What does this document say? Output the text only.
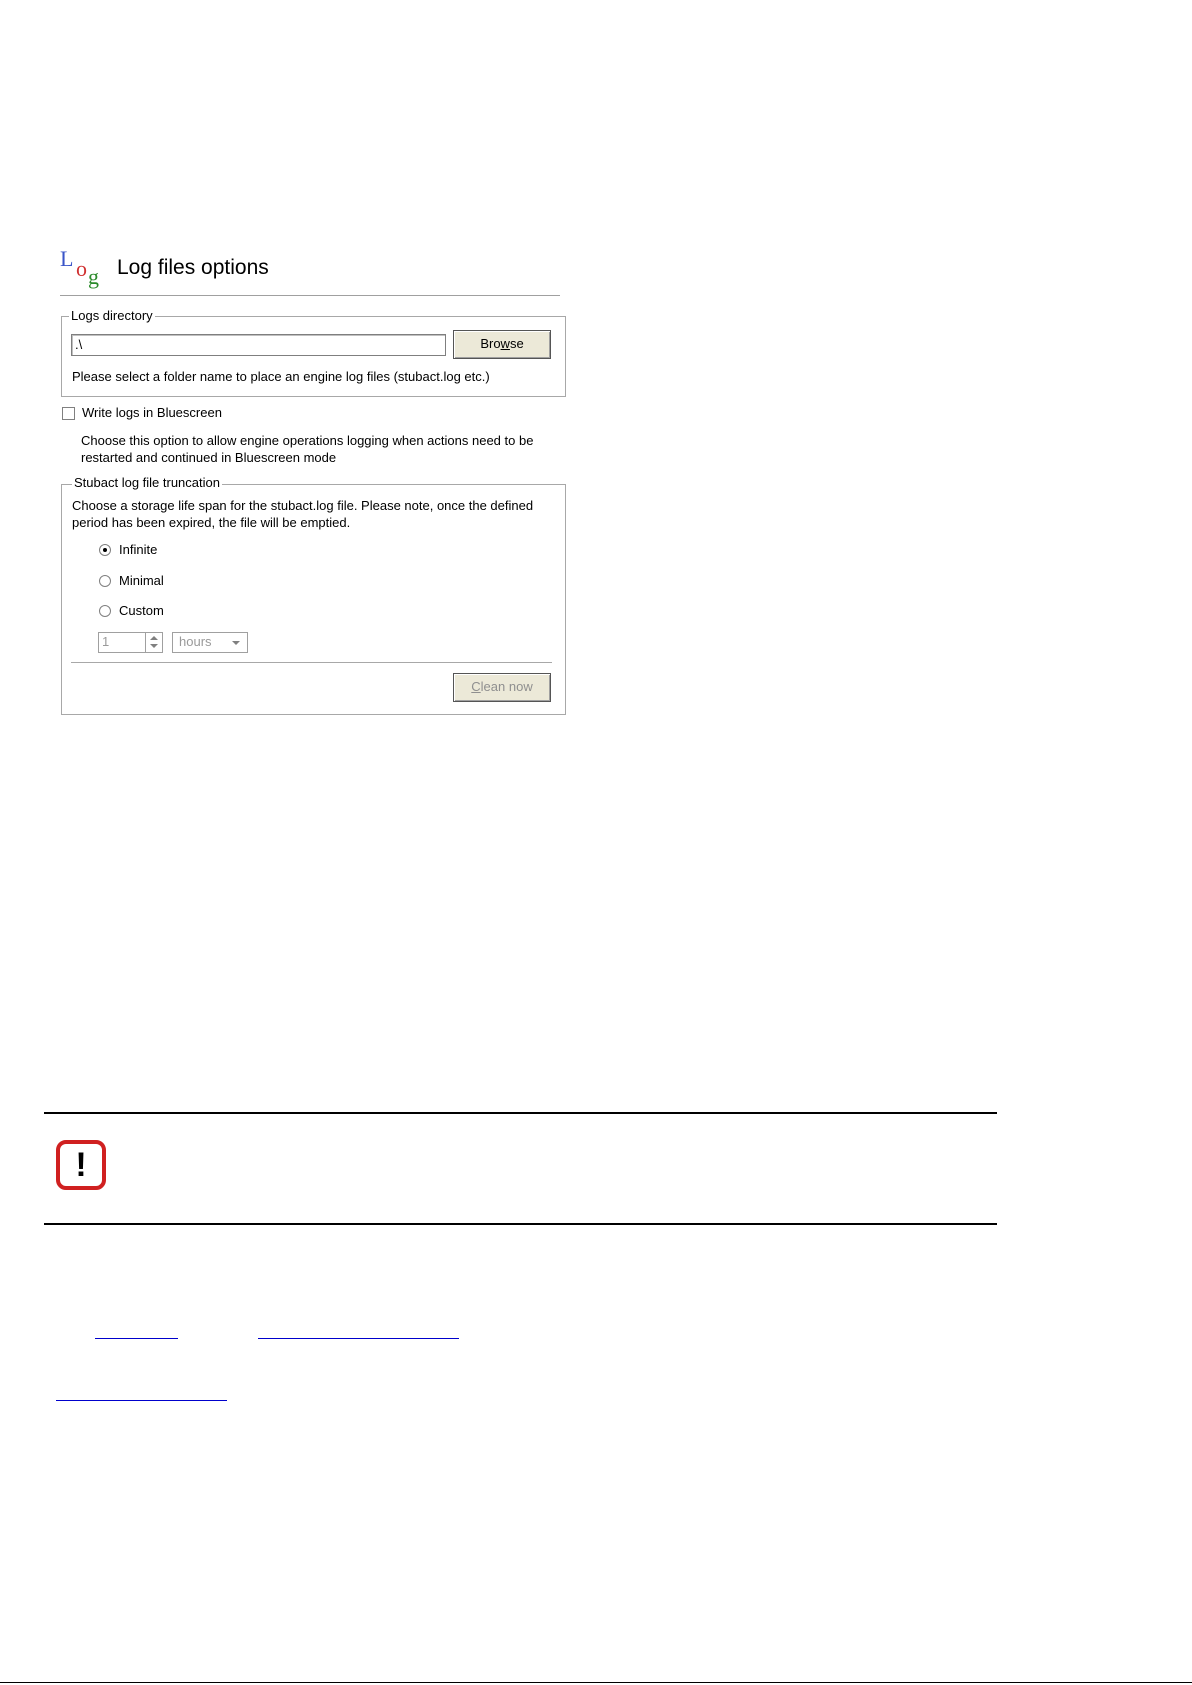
L o g Log files options
Logs directory
.\	Browse
Please select a folder name to place an engine log files (stubact.log etc.)
Write logs in Bluescreen
Choose this option to allow engine operations logging when actions need to be
restarted and continued in Bluescreen mode
Stubact log file truncation
Choose a storage life span for the stubact.log file. Please note, once the defined
period has been expired, the file will be emptied.
Infinite
Minimal
Custom
1	hours
Clean now
!
